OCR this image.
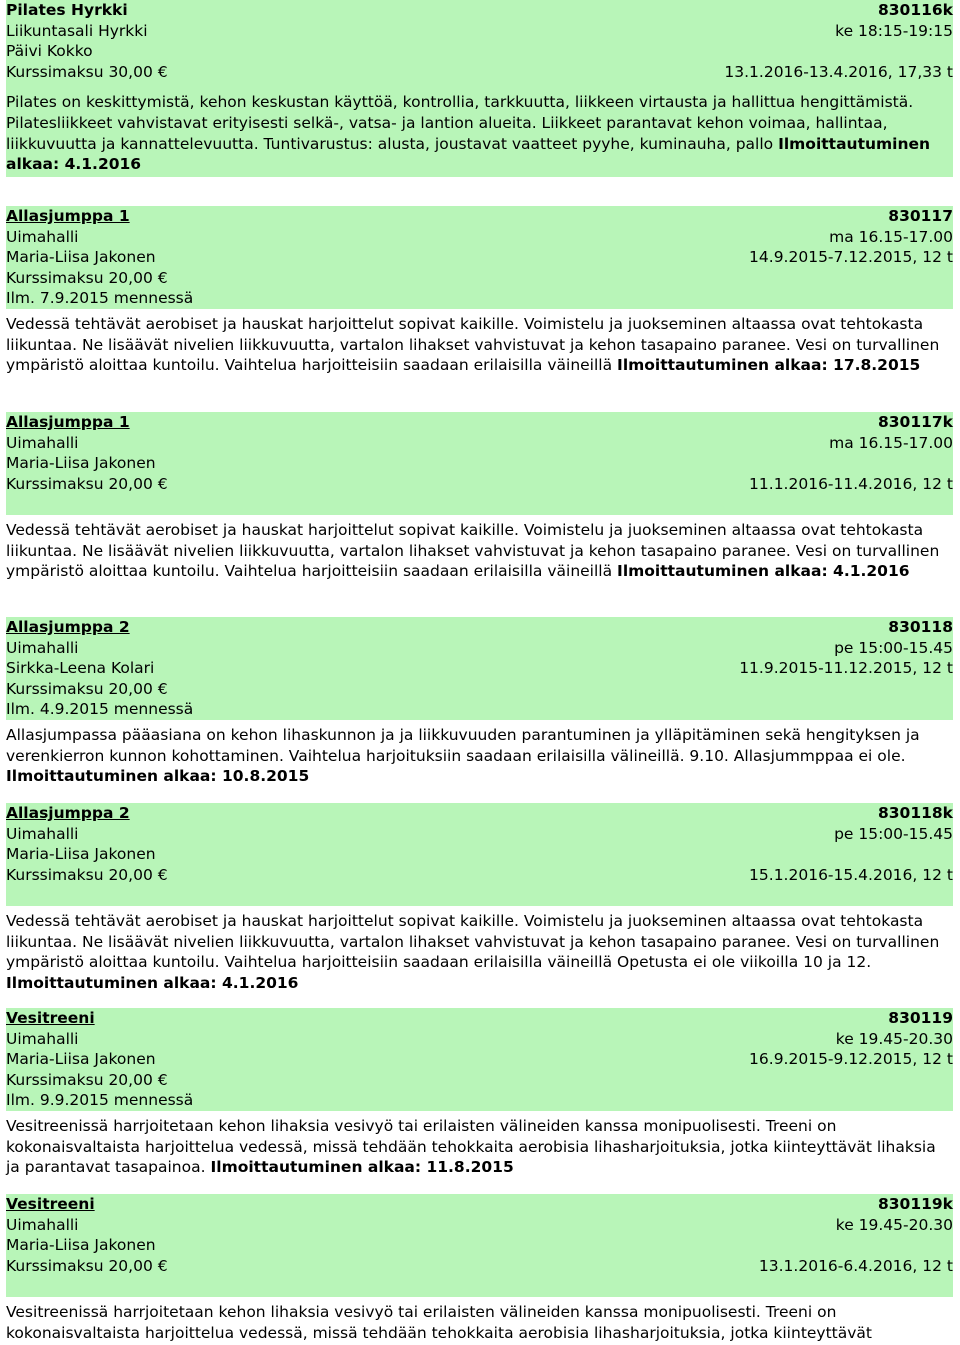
Pilates Hyrkki	830116k
Liikuntasali Hyrkki	ke 18:15-19:15
Päivi Kokko
Kurssimaksu 30,00 €	13.1.2016-13.4.2016, 17,33 t
Pilates on keskittymistä, kehon keskustan käyttöä, kontrollia, tarkkuutta, liikkeen virtausta ja hallittua hengittämistä. Pilatesliikkeet vahvistavat erityisesti selkä-, vatsa- ja lantion alueita. Liikkeet parantavat kehon voimaa, hallintaa, liikkuvuutta ja kannattelevuutta. Tuntivarustus: alusta, joustavat vaatteet pyyhe, kuminauha, pallo Ilmoittautuminen alkaa: 4.1.2016
Allasjumppa 1	830117
Uimahalli	ma 16.15-17.00
Maria-Liisa Jakonen	14.9.2015-7.12.2015, 12 t
Kurssimaksu 20,00 €
Ilm. 7.9.2015 mennessä
Vedessä tehtävät aerobiset ja hauskat harjoittelut sopivat kaikille. Voimistelu ja juokseminen altaassa ovat tehtokasta liikuntaa. Ne lisäävät nivelien liikkuvuutta, vartalon lihakset vahvistuvat ja kehon tasapaino paranee. Vesi on turvallinen ympäristö aloittaa kuntoilu. Vaihtelua harjoitteisiin saadaan erilaisilla väineillä Ilmoittautuminen alkaa: 17.8.2015
Allasjumppa 1	830117k
Uimahalli	ma 16.15-17.00
Maria-Liisa Jakonen
Kurssimaksu 20,00 €	11.1.2016-11.4.2016, 12 t
Vedessä tehtävät aerobiset ja hauskat harjoittelut sopivat kaikille. Voimistelu ja juokseminen altaassa ovat tehtokasta liikuntaa. Ne lisäävät nivelien liikkuvuutta, vartalon lihakset vahvistuvat ja kehon tasapaino paranee. Vesi on turvallinen ympäristö aloittaa kuntoilu. Vaihtelua harjoitteisiin saadaan erilaisilla väineillä Ilmoittautuminen alkaa: 4.1.2016
Allasjumppa 2	830118
Uimahalli	pe 15:00-15.45
Sirkka-Leena Kolari	11.9.2015-11.12.2015, 12 t
Kurssimaksu 20,00 €
Ilm. 4.9.2015 mennessä
Allasjumpassa pääasiana on kehon lihaskunnon ja ja liikkuvuuden parantuminen ja ylläpitäminen sekä hengityksen ja verenkierron kunnon kohottaminen. Vaihtelua harjoituksiin saadaan erilaisilla välineillä. 9.10. Allasjummppaa ei ole. Ilmoittautuminen alkaa: 10.8.2015
Allasjumppa 2	830118k
Uimahalli	pe 15:00-15.45
Maria-Liisa Jakonen
Kurssimaksu 20,00 €	15.1.2016-15.4.2016, 12 t
Vedessä tehtävät aerobiset ja hauskat harjoittelut sopivat kaikille. Voimistelu ja juokseminen altaassa ovat tehtokasta liikuntaa. Ne lisäävät nivelien liikkuvuutta, vartalon lihakset vahvistuvat ja kehon tasapaino paranee. Vesi on turvallinen ympäristö aloittaa kuntoilu. Vaihtelua harjoitteisiin saadaan erilaisilla väineillä Opetusta ei ole viikoilla 10 ja 12. Ilmoittautuminen alkaa: 4.1.2016
Vesitreeni	830119
Uimahalli	ke 19.45-20.30
Maria-Liisa Jakonen	16.9.2015-9.12.2015, 12 t
Kurssimaksu 20,00 €
Ilm. 9.9.2015 mennessä
Vesitreenissä harrjoitetaan kehon lihaksia vesivyö tai erilaisten välineiden kanssa monipuolisesti. Treeni on kokonaisvaltaista harjoittelua vedessä, missä tehdään tehokkaita aerobisia lihasharjoituksia, jotka kiinteyttävät lihaksia ja parantavat tasapainoa. Ilmoittautuminen alkaa: 11.8.2015
Vesitreeni	830119k
Uimahalli	ke 19.45-20.30
Maria-Liisa Jakonen
Kurssimaksu 20,00 €	13.1.2016-6.4.2016, 12 t
Vesitreenissä harrjoitetaan kehon lihaksia vesivyö tai erilaisten välineiden kanssa monipuolisesti. Treeni on kokonaisvaltaista harjoittelua vedessä, missä tehdään tehokkaita aerobisia lihasharjoituksia, jotka kiinteyttävät
